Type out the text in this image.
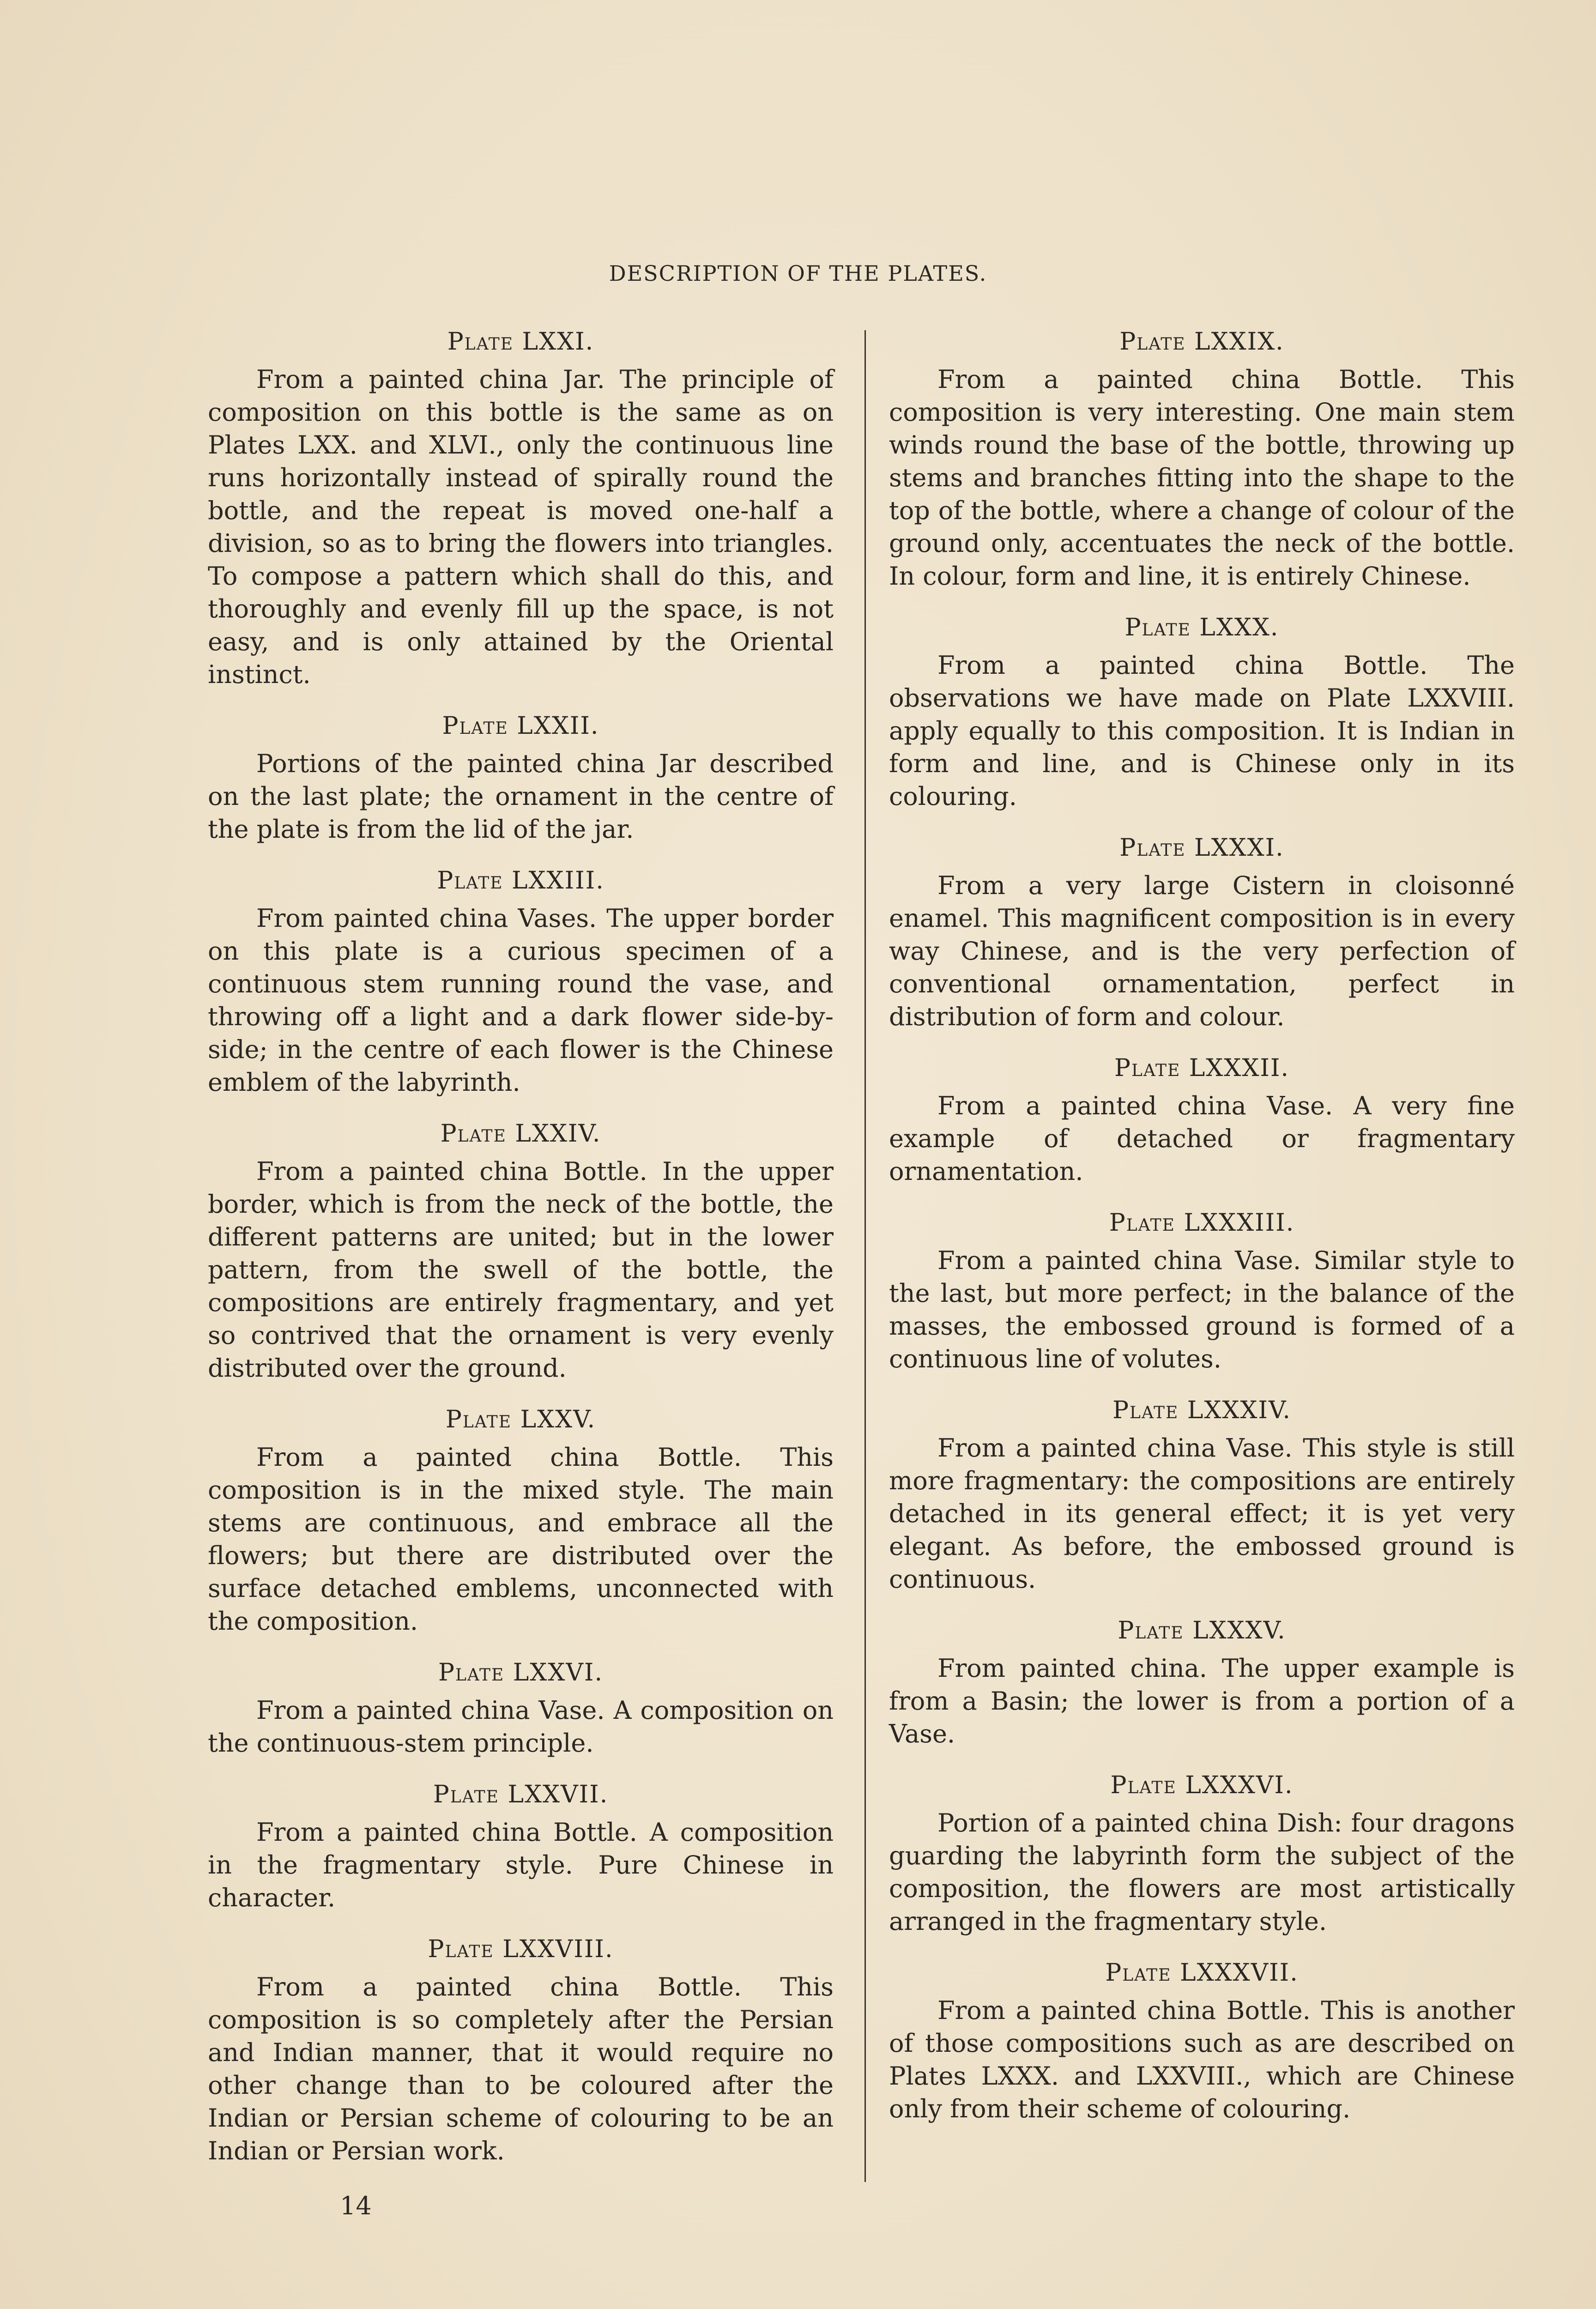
DESCRIPTION OF THE PLATES.
Plate LXXI.
From a painted china Jar. The principle of composition on this bottle is the same as on Plates LXX. and XLVI., only the continuous line runs horizontally instead of spirally round the bottle, and the repeat is moved one-half a division, so as to bring the flowers into triangles. To compose a pattern which shall do this, and thoroughly and evenly fill up the space, is not easy, and is only attained by the Oriental instinct.
Plate LXXII.
Portions of the painted china Jar described on the last plate; the ornament in the centre of the plate is from the lid of the jar.
Plate LXXIII.
From painted china Vases. The upper border on this plate is a curious specimen of a continuous stem running round the vase, and throwing off a light and a dark flower side-by-side; in the centre of each flower is the Chinese emblem of the labyrinth.
Plate LXXIV.
From a painted china Bottle. In the upper border, which is from the neck of the bottle, the different patterns are united; but in the lower pattern, from the swell of the bottle, the compositions are entirely fragmentary, and yet so contrived that the ornament is very evenly distributed over the ground.
Plate LXXV.
From a painted china Bottle. This composition is in the mixed style. The main stems are continuous, and embrace all the flowers; but there are distributed over the surface detached emblems, unconnected with the composition.
Plate LXXVI.
From a painted china Vase. A composition on the continuous-stem principle.
Plate LXXVII.
From a painted china Bottle. A composition in the fragmentary style. Pure Chinese in character.
Plate LXXVIII.
From a painted china Bottle. This composition is so completely after the Persian and Indian manner, that it would require no other change than to be coloured after the Indian or Persian scheme of colouring to be an Indian or Persian work.
Plate LXXIX.
From a painted china Bottle. This composition is very interesting. One main stem winds round the base of the bottle, throwing up stems and branches fitting into the shape to the top of the bottle, where a change of colour of the ground only, accentuates the neck of the bottle. In colour, form and line, it is entirely Chinese.
Plate LXXX.
From a painted china Bottle. The observations we have made on Plate LXXVIII. apply equally to this composition. It is Indian in form and line, and is Chinese only in its colouring.
Plate LXXXI.
From a very large Cistern in cloisonné enamel. This magnificent composition is in every way Chinese, and is the very perfection of conventional ornamentation, perfect in distribution of form and colour.
Plate LXXXII.
From a painted china Vase. A very fine example of detached or fragmentary ornamentation.
Plate LXXXIII.
From a painted china Vase. Similar style to the last, but more perfect; in the balance of the masses, the embossed ground is formed of a continuous line of volutes.
Plate LXXXIV.
From a painted china Vase. This style is still more fragmentary: the compositions are entirely detached in its general effect; it is yet very elegant. As before, the embossed ground is continuous.
Plate LXXXV.
From painted china. The upper example is from a Basin; the lower is from a portion of a Vase.
Plate LXXXVI.
Portion of a painted china Dish: four dragons guarding the labyrinth form the subject of the composition, the flowers are most artistically arranged in the fragmentary style.
Plate LXXXVII.
From a painted china Bottle. This is another of those compositions such as are described on Plates LXXX. and LXXVIII., which are Chinese only from their scheme of colouring.
14
